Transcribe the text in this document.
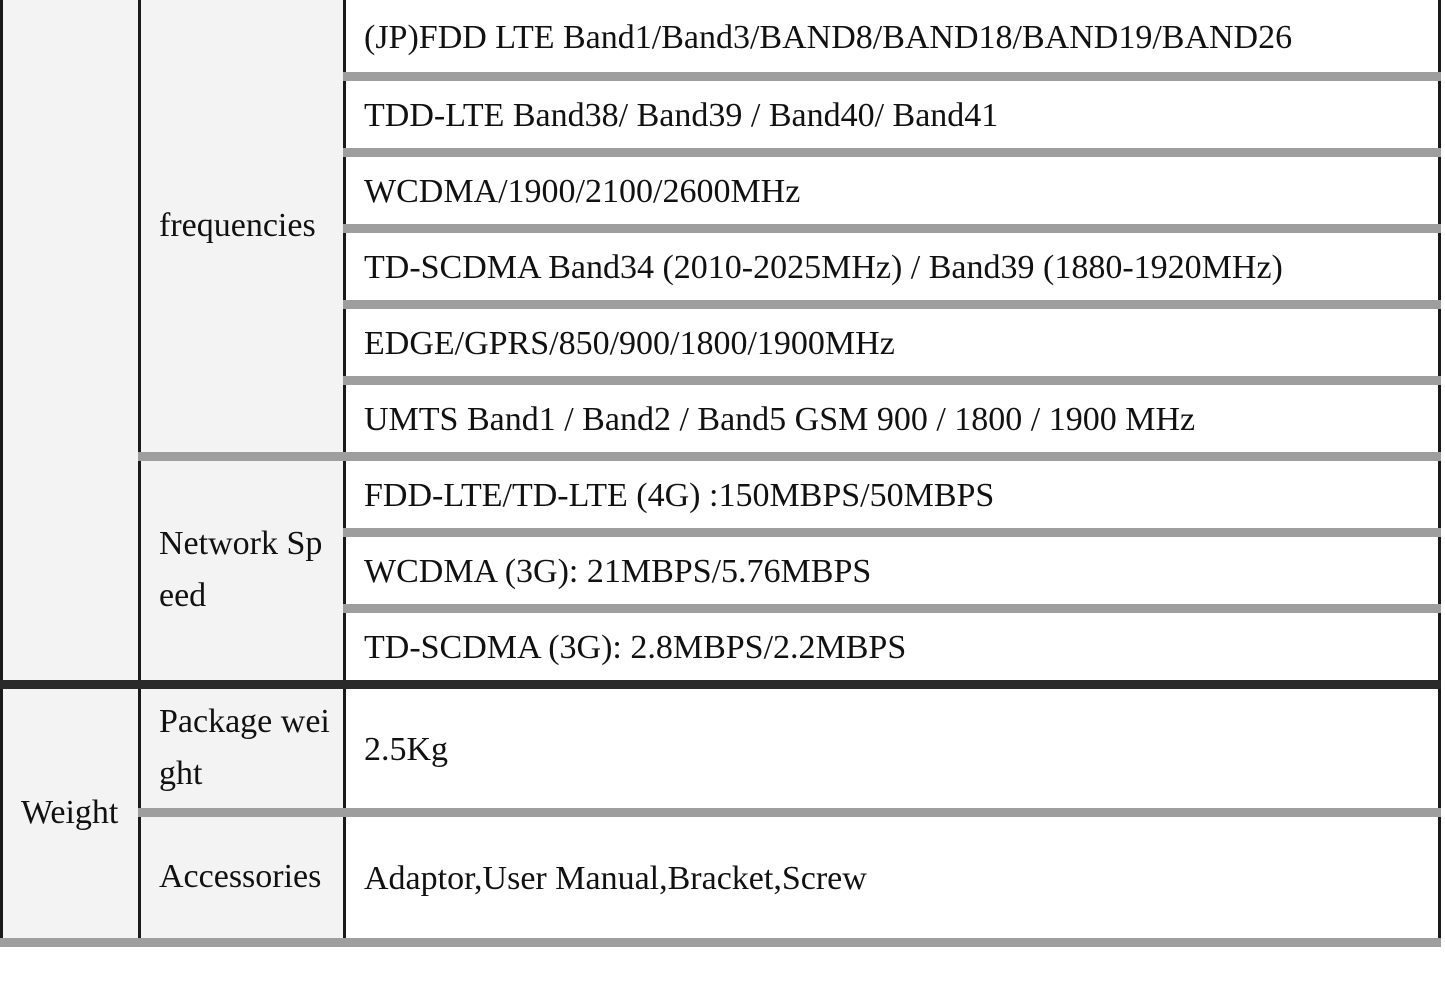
	frequencies	(JP)FDD LTE Band1/Band3/BAND8/BAND18/BAND19/BAND26
		TDD-LTE Band38/ Band39 / Band40/ Band41
		WCDMA/1900/2100/2600MHz
		TD-SCDMA Band34 (2010-2025MHz) / Band39 (1880-1920MHz)
		EDGE/GPRS/850/900/1800/1900MHz
		UMTS Band1 / Band2 / Band5 GSM 900 / 1800 / 1900 MHz
	Network Speed	FDD-LTE/TD-LTE (4G) :150MBPS/50MBPS
		WCDMA (3G): 21MBPS/5.76MBPS
		TD-SCDMA (3G): 2.8MBPS/2.2MBPS
Weight	Package weight	2.5Kg
	Accessories	Adaptor,User Manual,Bracket,Screw
